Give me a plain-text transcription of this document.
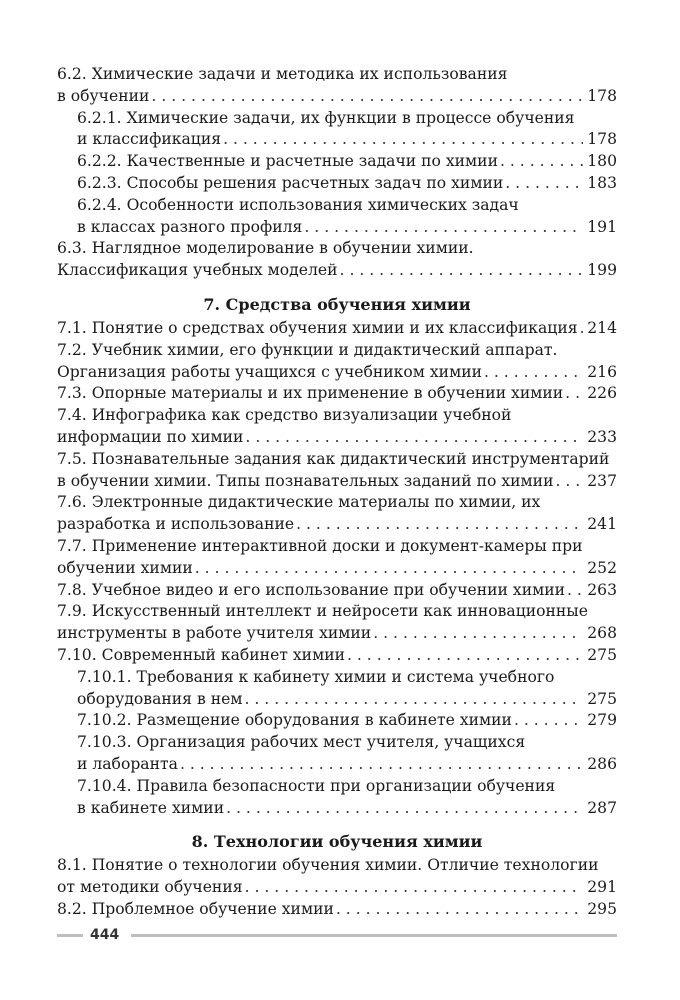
6.2. Химические задачи и методика их использования
в обучении . . .	178
6.2.1. Химические задачи, их функции в процессе обучения
и классификация . . .	178
6.2.2. Качественные и расчетные задачи по химии . . .	180
6.2.3. Способы решения расчетных задач по химии . . .	183
6.2.4. Особенности использования химических задач
в классах разного профиля . . .	191
6.3. Наглядное моделирование в обучении химии.
Классификация учебных моделей . . .	199
7. Средства обучения химии
7.1. Понятие о средствах обучения химии и их классификация . . . 214
7.2. Учебник химии, его функции и дидактический аппарат.
Организация работы учащихся с учебником химии . . .	216
7.3. Опорные материалы и их применение в обучении химии . . . 226
7.4. Инфографика как средство визуализации учебной
информации по химии . . .	233
7.5. Познавательные задания как дидактический инструментарий
в обучении химии. Типы познавательных заданий по химии . . . 237
7.6. Электронные дидактические материалы по химии, их
разработка и использование . . .	241
7.7. Применение интерактивной доски и документ-камеры при
обучении химии . . .	252
7.8. Учебное видео и его использование при обучении химии . . . 263
7.9. Искусственный интеллект и нейросети как инновационные
инструменты в работе учителя химии . . .	268
7.10. Современный кабинет химии . . .	275
7.10.1. Требования к кабинету химии и система учебного
оборудования в нем . . .	275
7.10.2. Размещение оборудования в кабинете химии . . .	279
7.10.3. Организация рабочих мест учителя, учащихся
и лаборанта . . .	286
7.10.4. Правила безопасности при организации обучения
в кабинете химии . . .	287
8. Технологии обучения химии
8.1. Понятие о технологии обучения химии. Отличие технологии
от методики обучения . . .	291
8.2. Проблемное обучение химии . . .	295
444
